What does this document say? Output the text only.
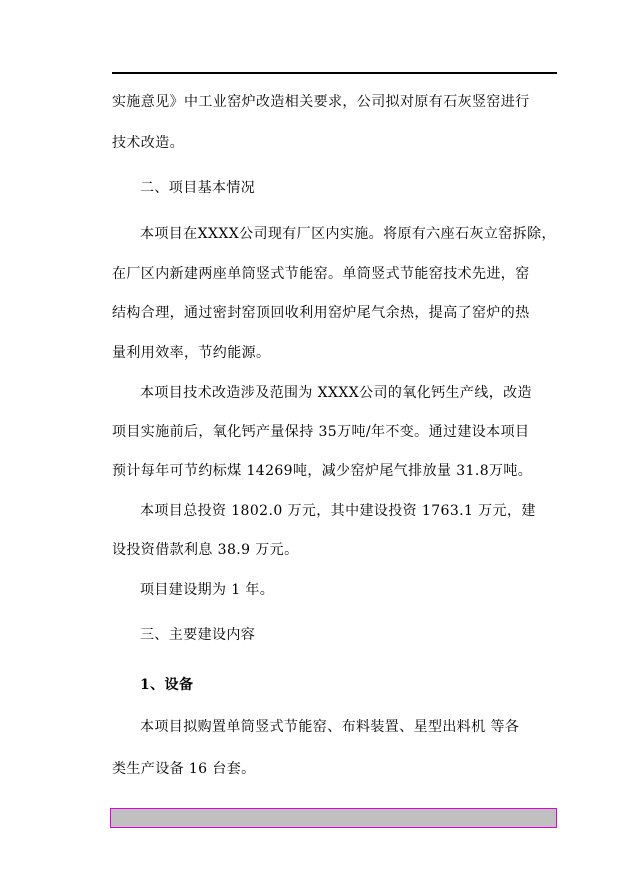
实施意见》中工业窑炉改造相关要求，公司拟对原有石灰竖窑进行
技术改造。
二、项目基本情况
本项目在XXXX公司现有厂区内实施。将原有六座石灰立窑拆除，
在厂区内新建两座单筒竖式节能窑。单筒竖式节能窑技术先进，窑
结构合理，通过密封窑顶回收利用窑炉尾气余热，提高了窑炉的热
量利用效率，节约能源。
本项目技术改造涉及范围为 XXXX公司的氧化钙生产线，改造
项目实施前后，氧化钙产量保持 35万吨/年不变。通过建设本项目
预计每年可节约标煤 14269吨，减少窑炉尾气排放量 31.8万吨。
本项目总投资 1802.0 万元，其中建设投资 1763.1 万元，建
设投资借款利息 38.9 万元。
项目建设期为 1 年。
三、主要建设内容
1、设备
本项目拟购置单筒竖式节能窑、布料装置、星型出料机 等各
类生产设备 16 台套。
